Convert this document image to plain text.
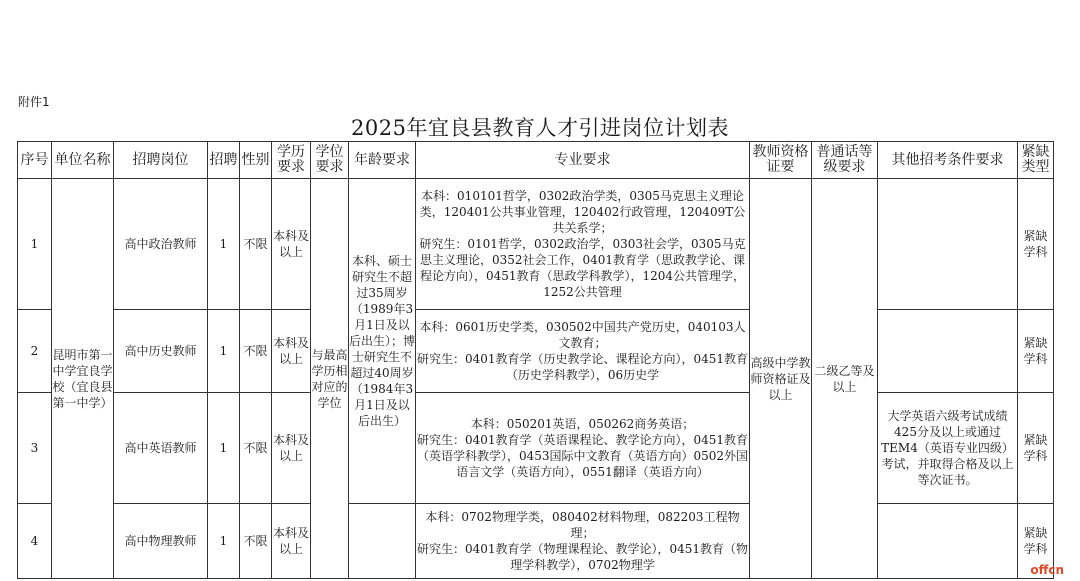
附件1
2025年宜良县教育人才引进岗位计划表
序号	单位名称	招聘岗位	招聘	性别	学历要求	学位要求	年龄要求	专业要求	教师资格证要	普通话等级要求	其他招考条件要求	紧缺类型
1	昆明市第一中学宜良学校（宜良县第一中学）	高中政治教师	1	不限	本科及以上	与最高学历相对应的学位	本科、硕士研究生不超过35周岁（1989年3月1日及以后出生）；博士研究生不超过40周岁（1984年3月1日及以后出生）	本科：010101哲学，0302政治学类，0305马克思主义理论类，120401公共事业管理，120402行政管理，120409T公共关系学；
研究生：0101哲学，0302政治学，0303社会学，0305马克思主义理论，0352社会工作，0401教育学（思政教学论、课程论方向），0451教育（思政学科教学），1204公共管理学，1252公共管理	高级中学教师资格证及以上	二级乙等及以上		紧缺学科
2		高中历史教师	1	不限	本科及以上			本科：0601历史学类，030502中国共产党历史，040103人文教育；
研究生：0401教育学（历史教学论、课程论方向），0451教育（历史学科教学），06历史学				紧缺学科
3		高中英语教师	1	不限	本科及以上			本科：050201英语，050262商务英语；
研究生：0401教育学（英语课程论、教学论方向），0451教育（英语学科教学），0453国际中文教育（英语方向）0502外国语言文学（英语方向），0551翻译（英语方向）			大学英语六级考试成绩425分及以上或通过TEM4（英语专业四级）考试，并取得合格及以上等次证书。	紧缺学科
4		高中物理教师	1	不限	本科及以上			本科：0702物理学类，080402材料物理，082203工程物理；
研究生：0401教育学（物理课程论、教学论），0451教育（物理学科教学），0702物理学				紧缺学科
offcn
